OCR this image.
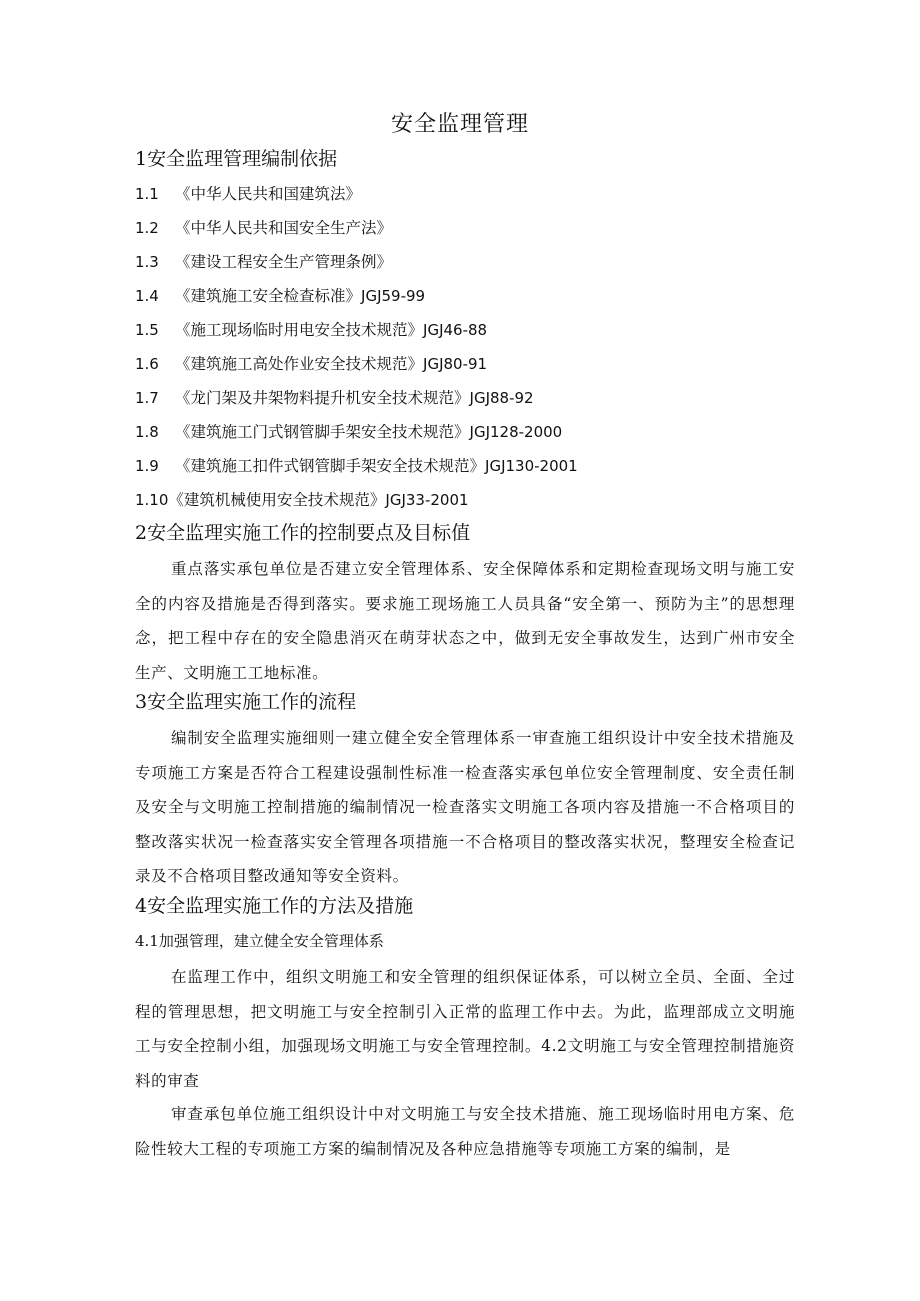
安全监理管理
1安全监理管理编制依据
1.1 《中华人民共和国建筑法》
1.2 《中华人民共和国安全生产法》
1.3 《建设工程安全生产管理条例》
1.4 《建筑施工安全检查标准》JGJ59-99
1.5 《施工现场临时用电安全技术规范》JGJ46-88
1.6 《建筑施工高处作业安全技术规范》JGJ80-91
1.7 《龙门架及井架物料提升机安全技术规范》JGJ88-92
1.8 《建筑施工门式钢管脚手架安全技术规范》JGJ128-2000
1.9 《建筑施工扣件式钢管脚手架安全技术规范》JGJ130-2001
1.10《建筑机械使用安全技术规范》JGJ33-2001
2安全监理实施工作的控制要点及目标值
重点落实承包单位是否建立安全管理体系、安全保障体系和定期检查现场文明与施工安全的内容及措施是否得到落实。要求施工现场施工人员具备“安全第一、预防为主”的思想理念，把工程中存在的安全隐患消灭在萌芽状态之中，做到无安全事故发生，达到广州市安全生产、文明施工工地标准。
3安全监理实施工作的流程
编制安全监理实施细则一建立健全安全管理体系一审查施工组织设计中安全技术措施及专项施工方案是否符合工程建设强制性标准一检查落实承包单位安全管理制度、安全责任制及安全与文明施工控制措施的编制情况一检查落实文明施工各项内容及措施一不合格项目的整改落实状况一检查落实安全管理各项措施一不合格项目的整改落实状况，整理安全检查记录及不合格项目整改通知等安全资料。
4安全监理实施工作的方法及措施
4.1加强管理，建立健全安全管理体系
在监理工作中，组织文明施工和安全管理的组织保证体系，可以树立全员、全面、全过程的管理思想，把文明施工与安全控制引入正常的监理工作中去。为此，监理部成立文明施工与安全控制小组，加强现场文明施工与安全管理控制。4.2文明施工与安全管理控制措施资料的审查
审查承包单位施工组织设计中对文明施工与安全技术措施、施工现场临时用电方案、危险性较大工程的专项施工方案的编制情况及各种应急措施等专项施工方案的编制，是
